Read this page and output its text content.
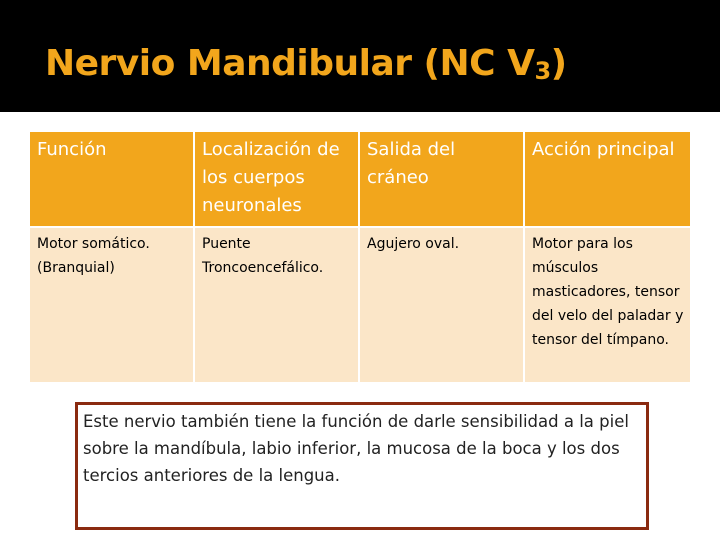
Nervio Mandibular (NC $V_3$)
Función	Localización de los cuerpos neuronales	Salida del cráneo	Acción principal
Motor somático. (Branquial)	Puente Troncoencefálico.	Agujero oval.	Motor para los músculos masticadores, tensor del velo del paladar y tensor del tímpano.
Este nervio también tiene la función de darle sensibilidad a la piel sobre la mandíbula, labio inferior, la mucosa de la boca y los dos tercios anteriores de la lengua.
